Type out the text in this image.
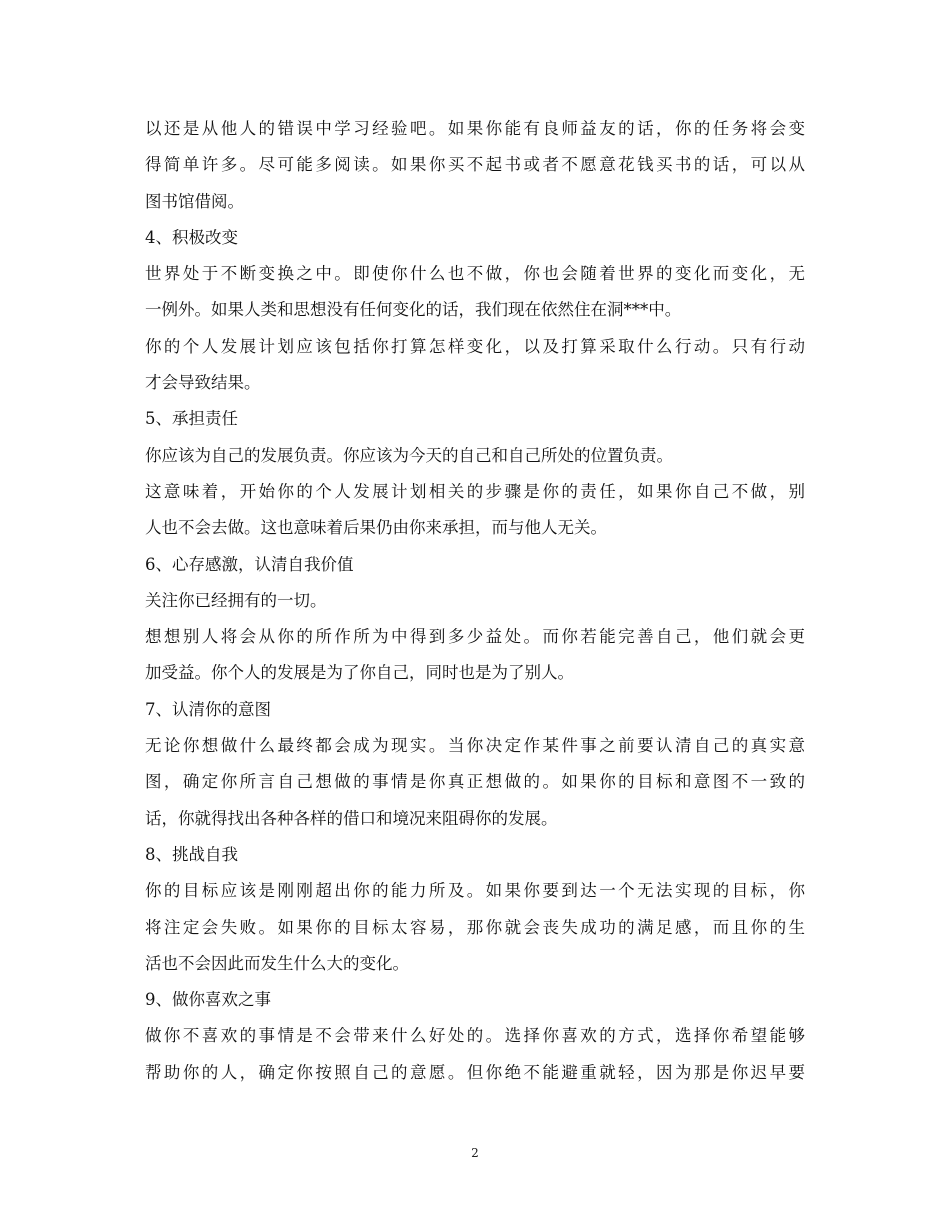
以还是从他人的错误中学习经验吧。如果你能有良师益友的话，你的任务将会变
得简单许多。尽可能多阅读。如果你买不起书或者不愿意花钱买书的话，可以从
图书馆借阅。
4、积极改变
世界处于不断变换之中。即使你什么也不做，你也会随着世界的变化而变化，无
一例外。如果人类和思想没有任何变化的话，我们现在依然住在洞***中。
你的个人发展计划应该包括你打算怎样变化，以及打算采取什么行动。只有行动
才会导致结果。
5、承担责任
你应该为自己的发展负责。你应该为今天的自己和自己所处的位置负责。
这意味着，开始你的个人发展计划相关的步骤是你的责任，如果你自己不做，别
人也不会去做。这也意味着后果仍由你来承担，而与他人无关。
6、心存感激，认清自我价值
关注你已经拥有的一切。
想想别人将会从你的所作所为中得到多少益处。而你若能完善自己，他们就会更
加受益。你个人的发展是为了你自己，同时也是为了别人。
7、认清你的意图
无论你想做什么最终都会成为现实。当你决定作某件事之前要认清自己的真实意
图，确定你所言自己想做的事情是你真正想做的。如果你的目标和意图不一致的
话，你就得找出各种各样的借口和境况来阻碍你的发展。
8、挑战自我
你的目标应该是刚刚超出你的能力所及。如果你要到达一个无法实现的目标，你
将注定会失败。如果你的目标太容易，那你就会丧失成功的满足感，而且你的生
活也不会因此而发生什么大的变化。
9、做你喜欢之事
做你不喜欢的事情是不会带来什么好处的。选择你喜欢的方式，选择你希望能够
帮助你的人，确定你按照自己的意愿。但你绝不能避重就轻，因为那是你迟早要
2
